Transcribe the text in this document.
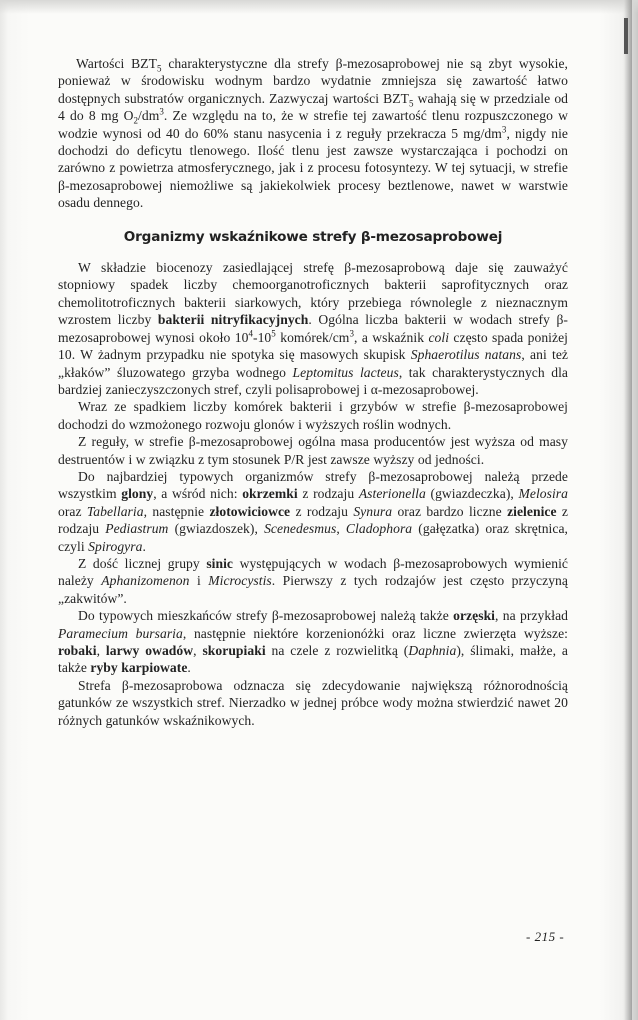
Wartości $BZT_5$ charakterystyczne dla strefy β-mezosaprobowej nie są zbyt wysokie, ponieważ w środowisku wodnym bardzo wydatnie zmniejsza się zawartość łatwo dostępnych substratów organicznych. Zazwyczaj wartości $BZT_5$ wahają się w przedziale od 4 do 8 mg $O_2/dm^3$. Ze względu na to, że w strefie tej zawartość tlenu rozpuszczonego w wodzie wynosi od 40 do 60% stanu nasycenia i z reguły przekracza 5 $mg/dm^3$, nigdy nie dochodzi do deficytu tlenowego. Ilość tlenu jest zawsze wystarczająca i pochodzi on zarówno z powietrza atmosferycznego, jak i z procesu fotosyntezy. W tej sytuacji, w strefie β-mezosaprobowej niemożliwe są jakiekolwiek procesy beztlenowe, nawet w warstwie osadu dennego.

Organizmy wskaźnikowe strefy β-mezosaprobowej

W składzie biocenozy zasiedlającej strefę β-mezosaprobową daje się zauważyć stopniowy spadek liczby chemoorganotroficznych bakterii saprofitycznych oraz chemolitotroficznych bakterii siarkowych, który przebiega równolegle z nieznacznym wzrostem liczby bakterii nitryfikacyjnych. Ogólna liczba bakterii w wodach strefy β-mezosaprobowej wynosi około $10^4-10^5$ komórek/$cm^3$, a wskaźnik coli często spada poniżej 10. W żadnym przypadku nie spotyka się masowych skupisk Sphaerotilus natans, ani też „kłaków” śluzowatego grzyba wodnego Leptomitus lacteus, tak charakterystycznych dla bardziej zanieczyszczonych stref, czyli polisaprobowej i α-mezosaprobowej.

Wraz ze spadkiem liczby komórek bakterii i grzybów w strefie β-mezosaprobowej dochodzi do wzmożonego rozwoju glonów i wyższych roślin wodnych.

Z reguły, w strefie β-mezosaprobowej ogólna masa producentów jest wyższa od masy destruentów i w związku z tym stosunek P/R jest zawsze wyższy od jedności.

Do najbardziej typowych organizmów strefy β-mezosaprobowej należą przede wszystkim glony, a wśród nich: okrzemki z rodzaju Asterionella (gwiazdeczka), Melosira oraz Tabellaria, następnie złotowiciowce z rodzaju Synura oraz bardzo liczne zielenice z rodzaju Pediastrum (gwiazdoszek), Scenedesmus, Cladophora (gałęzatka) oraz skrętnica, czyli Spirogyra.

Z dość licznej grupy sinic występujących w wodach β-mezosaprobowych wymienić należy Aphanizomenon i Microcystis. Pierwszy z tych rodzajów jest często przyczyną „zakwitów”.

Do typowych mieszkańców strefy β-mezosaprobowej należą także orzęski, na przykład Paramecium bursaria, następnie niektóre korzenionóżki oraz liczne zwierzęta wyższe: robaki, larwy owadów, skorupiaki na czele z rozwielitką (Daphnia), ślimaki, małże, a także ryby karpiowate.

Strefa β-mezosaprobowa odznacza się zdecydowanie największą różnorodnością gatunków ze wszystkich stref. Nierzadko w jednej próbce wody można stwierdzić nawet 20 różnych gatunków wskaźnikowych.

- 215 -
